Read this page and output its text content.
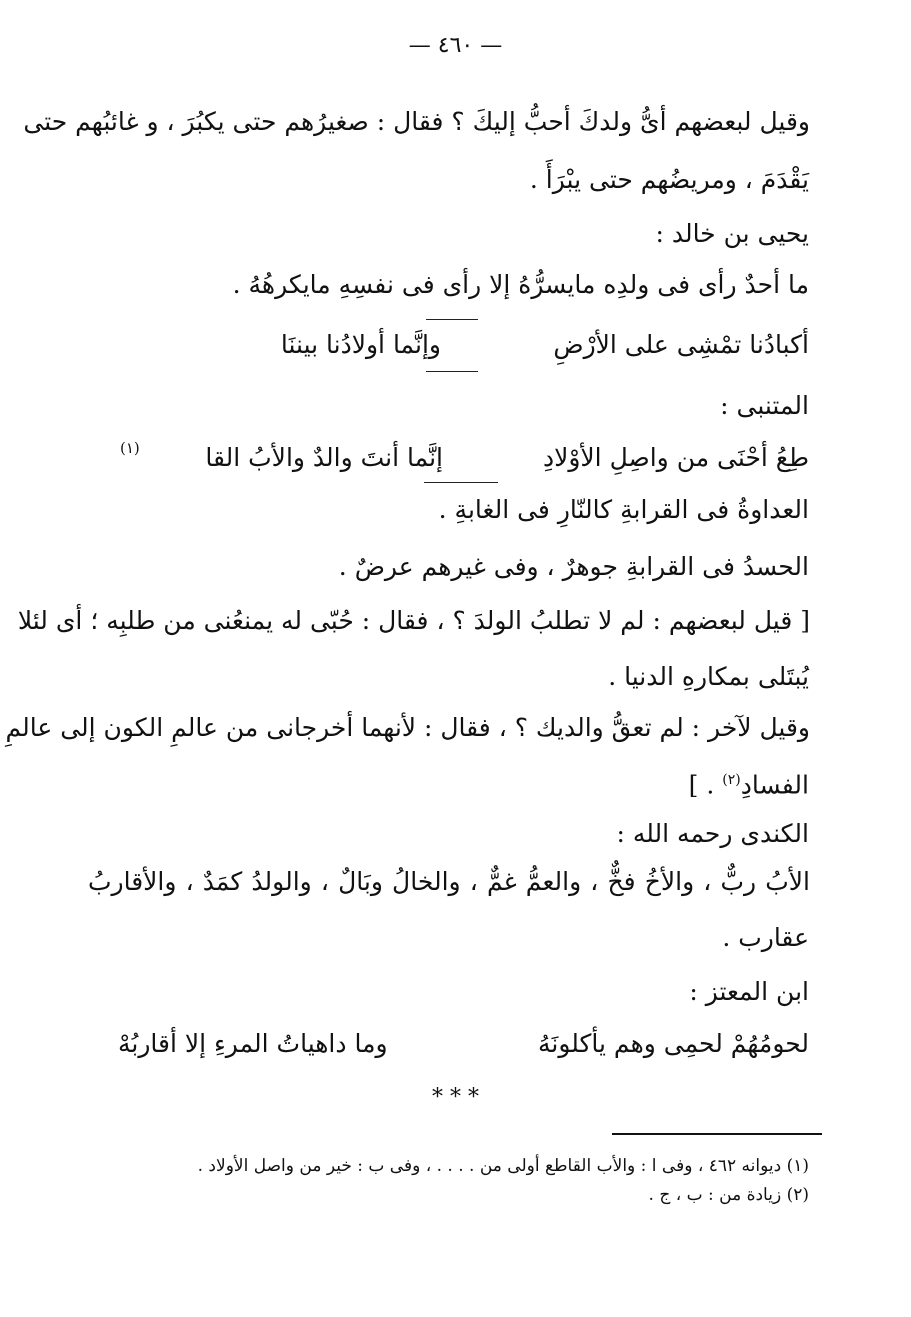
— ٤٦٠ —
وقيل لبعضهم أىُّ ولدكَ أحبُّ إليكَ ؟ فقال : صغيرُهم حتى يكبُرَ ، و غائبُهم حتى
يَقْدَمَ ، ومريضُهم حتى يبْرَأَ .
يحيى بن خالد :
ما أحدٌ رأى فى ولدِه مايسرُّهُ إلا رأى فى نفسِهِ مايكرهُهُ .
وإنَّما أولادُنا بيننَا	أكبادُنا تمْشِى على الأرْضِ
المتنبى :
إنَّما أنتَ والدٌ والأبُ القا	طِعُ أحْنَى من واصِلِ الأوْلادِ
(١)
العداوةُ فى القرابةِ كالنّارِ فى الغابةِ .
الحسدُ فى القرابةِ جوهرٌ ، وفى غيرهم عرضٌ .
[ قيل لبعضهم : لم لا تطلبُ الولدَ ؟ ، فقال : حُبّى له يمنعُنى من طلبِه ؛ أى لئلا
يُبتَلى بمكارهِ الدنيا .
وقيل لآخر : لم تعقُّ والديك ؟ ، فقال : لأنهما أخرجانى من عالمِ الكون إلى عالمِ
الفسادِ$^{(٢)}$ . ]
الكندى رحمه الله :
الأبُ ربٌّ ، والأخُ فخٌّ ، والعمُّ غمٌّ ، والخالُ وبَالٌ ، والولدُ كمَدٌ ، والأقاربُ
عقارب .
ابن المعتز :
لحومُهُمْ لحمِى وهم يأكلونَهُ
وما داهياتُ المرءِ إلا أقاربُهْ
* * *
(١) ديوانه ٤٦٢ ، وفى ا : والأب القاطع أولى من . . . . ، وفى ب : خير من واصل الأولاد .
(٢) زيادة من : ب ، ج .
